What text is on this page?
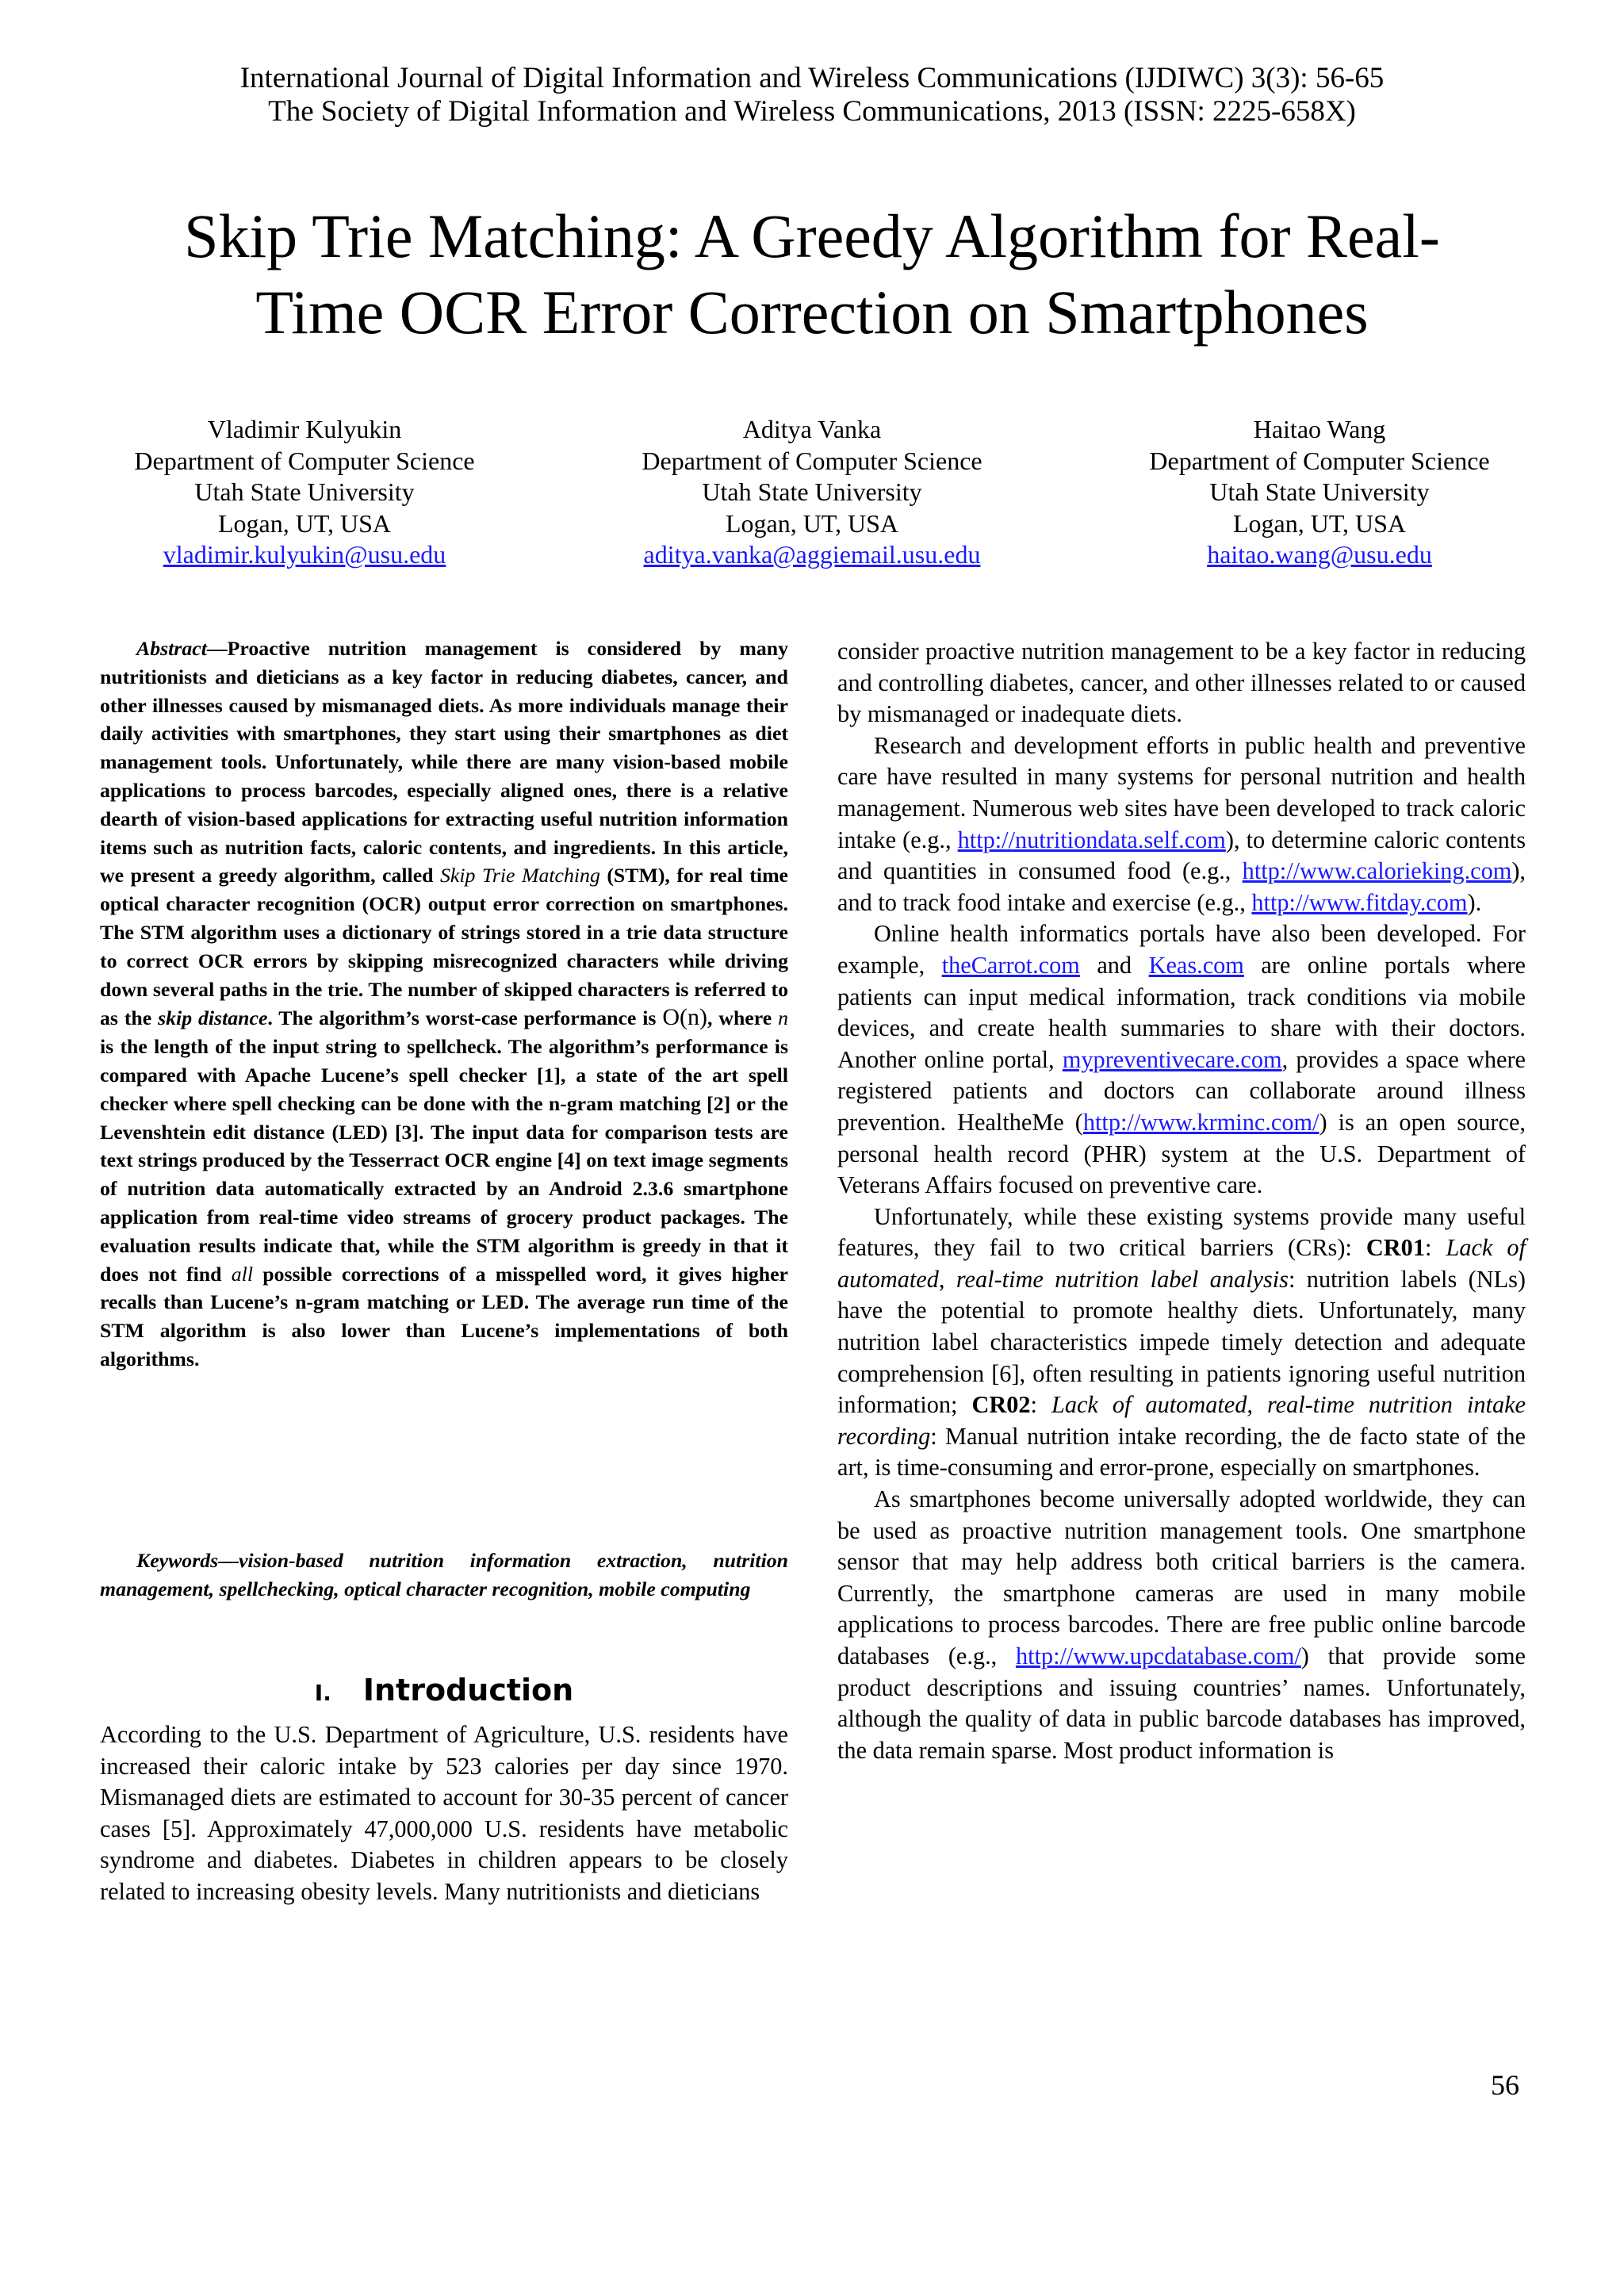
International Journal of Digital Information and Wireless Communications (IJDIWC) 3(3): 56-65
The Society of Digital Information and Wireless Communications, 2013 (ISSN: 2225-658X)
Skip Trie Matching: A Greedy Algorithm for Real-
Time OCR Error Correction on Smartphones
Vladimir Kulyukin
Department of Computer Science
Utah State University
Logan, UT, USA
vladimir.kulyukin@usu.edu
Aditya Vanka
Department of Computer Science
Utah State University
Logan, UT, USA
aditya.vanka@aggiemail.usu.edu
Haitao Wang
Department of Computer Science
Utah State University
Logan, UT, USA
haitao.wang@usu.edu

Abstract—Proactive nutrition management is considered by many nutritionists and dieticians as a key factor in reducing diabetes, cancer, and other illnesses caused by mismanaged diets. As more individuals manage their daily activities with smartphones, they start using their smartphones as diet management tools. Unfortunately, while there are many vision-based mobile applications to process barcodes, especially aligned ones, there is a relative dearth of vision-based applications for extracting useful nutrition information items such as nutrition facts, caloric contents, and ingredients. In this article, we present a greedy algorithm, called Skip Trie Matching (STM), for real time optical character recognition (OCR) output error correction on smartphones. The STM algorithm uses a dictionary of strings stored in a trie data structure to correct OCR errors by skipping misrecognized characters while driving down several paths in the trie. The number of skipped characters is referred to as the skip distance. The algorithm’s worst-case performance is O(n), where n is the length of the input string to spellcheck. The algorithm’s performance is compared with Apache Lucene’s spell checker [1], a state of the art spell checker where spell checking can be done with the n-gram matching [2] or the Levenshtein edit distance (LED) [3]. The input data for comparison tests are text strings produced by the Tesserract OCR engine [4] on text image segments of nutrition data automatically extracted by an Android 2.3.6 smartphone application from real-time video streams of grocery product packages. The evaluation results indicate that, while the STM algorithm is greedy in that it does not find all possible corrections of a misspelled word, it gives higher recalls than Lucene’s n-gram matching or LED. The average run time of the STM algorithm is also lower than Lucene’s implementations of both algorithms.

Keywords—vision-based nutrition information extraction, nutrition management, spellchecking, optical character recognition, mobile computing
I. Introduction

According to the U.S. Department of Agriculture, U.S. residents have increased their caloric intake by 523 calories per day since 1970. Mismanaged diets are estimated to account for 30-35 percent of cancer cases [5]. Approximately 47,000,000 U.S. residents have metabolic syndrome and diabetes. Diabetes in children appears to be closely related to increasing obesity levels. Many nutritionists and dieticians

consider proactive nutrition management to be a key factor in reducing and controlling diabetes, cancer, and other illnesses related to or caused by mismanaged or inadequate diets.

Research and development efforts in public health and preventive care have resulted in many systems for personal nutrition and health management. Numerous web sites have been developed to track caloric intake (e.g., http://nutritiondata.self.com), to determine caloric contents and quantities in consumed food (e.g., http://www.calorieking.com), and to track food intake and exercise (e.g., http://www.fitday.com).

Online health informatics portals have also been developed. For example, theCarrot.com and Keas.com are online portals where patients can input medical information, track conditions via mobile devices, and create health summaries to share with their doctors. Another online portal, mypreventivecare.com, provides a space where registered patients and doctors can collaborate around illness prevention. HealtheMe (http://www.krminc.com/) is an open source, personal health record (PHR) system at the U.S. Department of Veterans Affairs focused on preventive care.

Unfortunately, while these existing systems provide many useful features, they fail to two critical barriers (CRs): CR01: Lack of automated, real-time nutrition label analysis: nutrition labels (NLs) have the potential to promote healthy diets. Unfortunately, many nutrition label characteristics impede timely detection and adequate comprehension [6], often resulting in patients ignoring useful nutrition information; CR02: Lack of automated, real-time nutrition intake recording: Manual nutrition intake recording, the de facto state of the art, is time-consuming and error-prone, especially on smartphones.

As smartphones become universally adopted worldwide, they can be used as proactive nutrition management tools. One smartphone sensor that may help address both critical barriers is the camera. Currently, the smartphone cameras are used in many mobile applications to process barcodes. There are free public online barcode databases (e.g., http://www.upcdatabase.com/) that provide some product descriptions and issuing countries’ names. Unfortunately, although the quality of data in public barcode databases has improved, the data remain sparse. Most product information is

56
